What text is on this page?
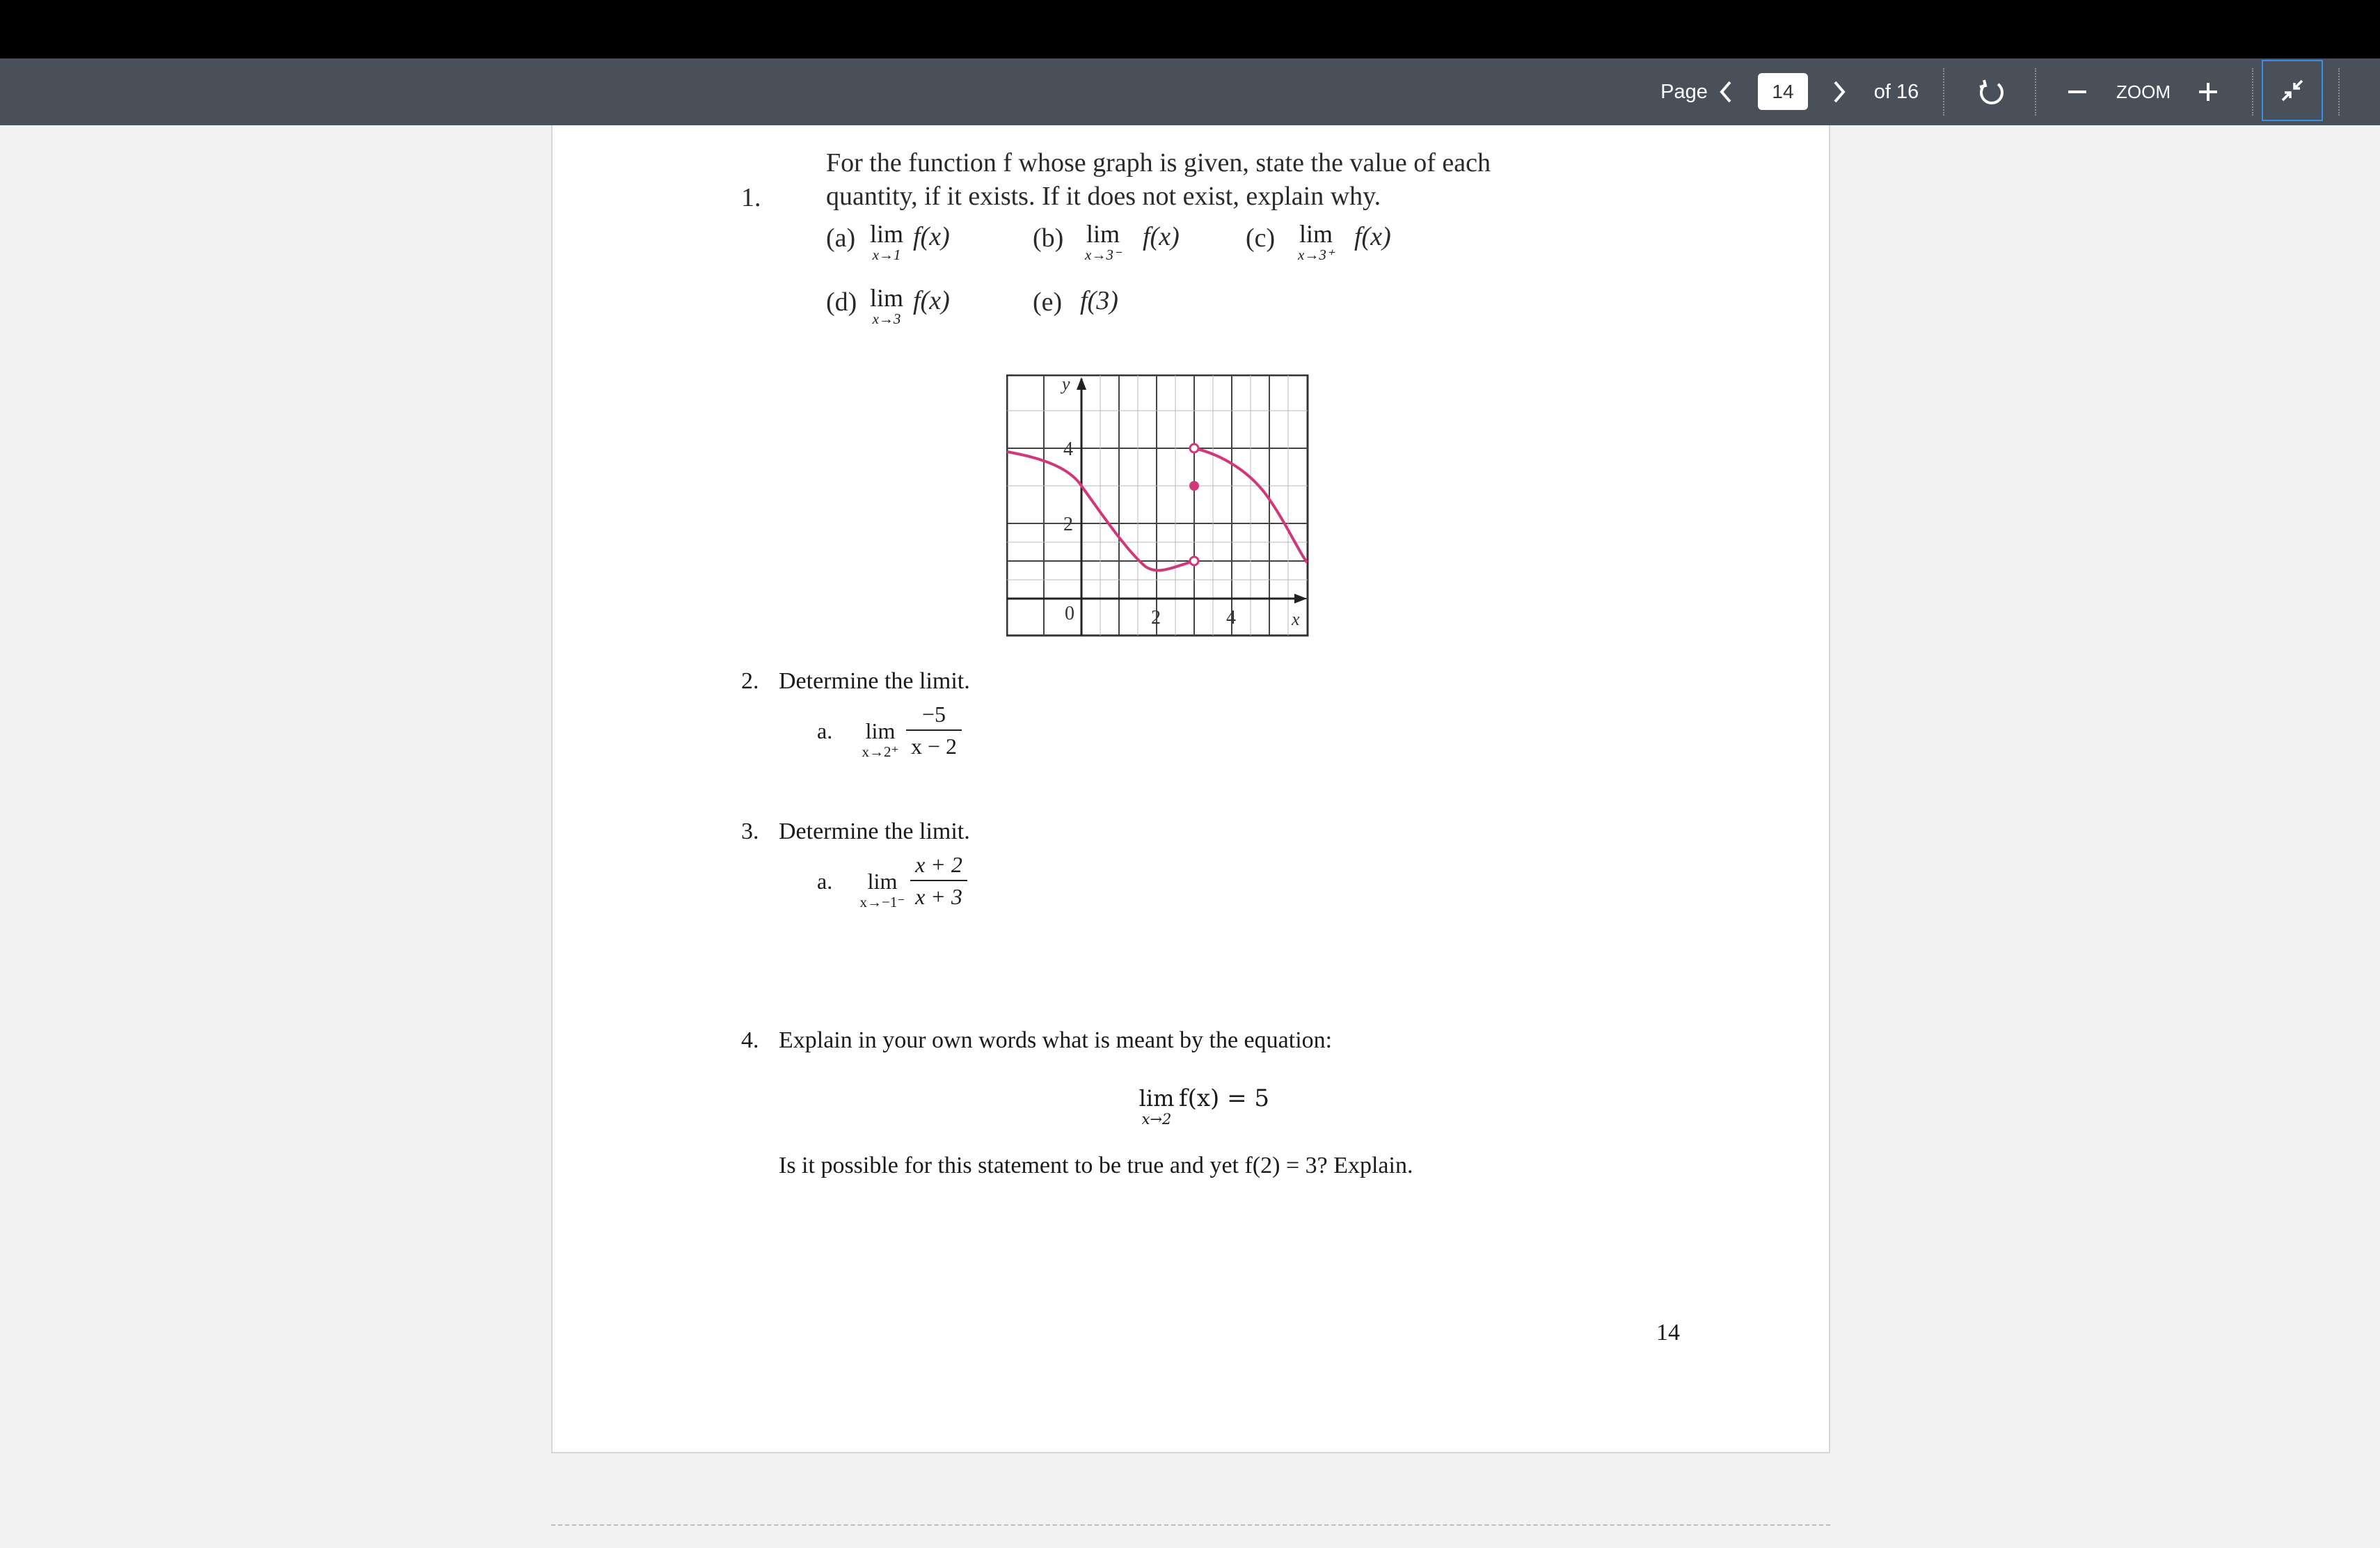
Page	of 16	ZOOM
14
1.
For the function f whose graph is given, state the value of each
quantity, if it exists. If it does not exist, explain why.
(a) lim
x→1
f(x)	(b) lim
x→3⁻
f(x)	(c) lim
x→3⁺
f(x)
(d) lim
x→3
f(x)	(e) f(3)
y
x
4
2
0	2	4
2. Determine the limit.
a.	lim
x→2⁺
−5
x − 2
3. Determine the limit.
a.	lim
x→−1⁻
x + 2
x + 3
4. Explain in your own words what is meant by the equation:
lim
x→2
f(x) = 5
Is it possible for this statement to be true and yet f(2) = 3? Explain.
14
